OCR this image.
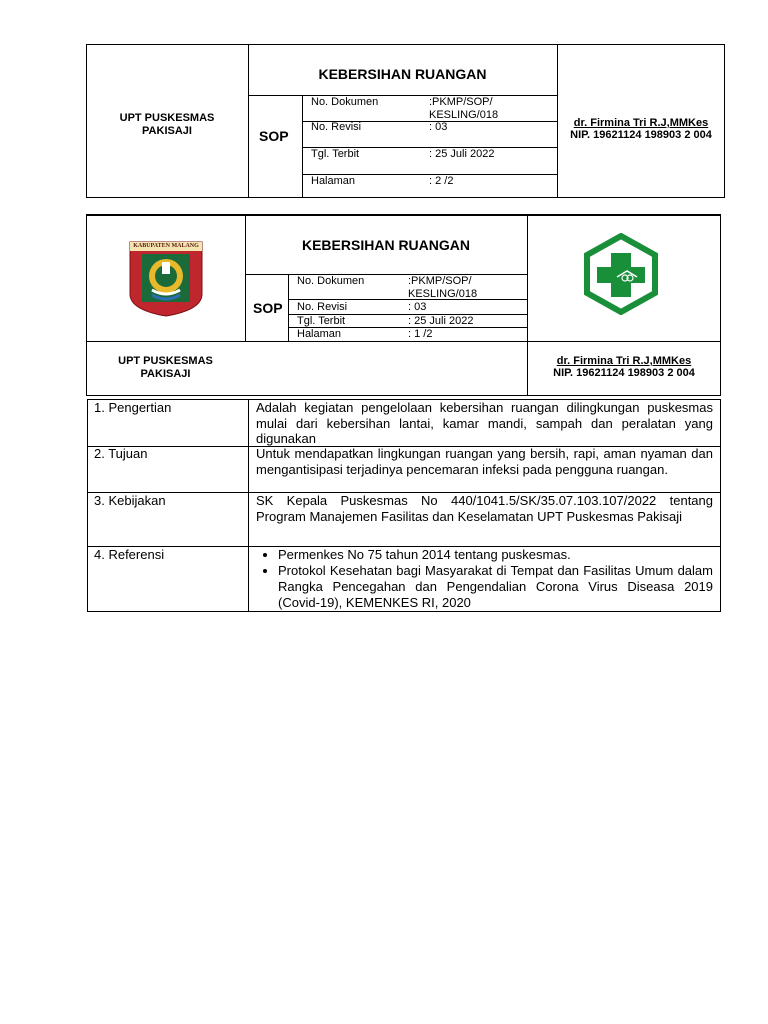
UPT PUSKESMAS
PAKISAJI
KEBERSIHAN RUANGAN
SOP
No. Dokumen	:PKMP/SOP/
KESLING/018
No. Revisi	: 03
Tgl. Terbit	: 25 Juli 2022
Halaman	: 2 /2
dr. Firmina Tri R.J,MMKes
NIP. 19621124 198903 2 004
KABUPATEN MALANG	KEBERSIHAN RUANGAN
SOP
No. Dokumen	:PKMP/SOP/
KESLING/018
No. Revisi	: 03
Tgl. Terbit	: 25 Juli 2022
Halaman	: 1 /2
UPT PUSKESMAS
PAKISAJI
dr. Firmina Tri R.J,MMKes
NIP. 19621124 198903 2 004
1. Pengertian	Adalah kegiatan pengelolaan kebersihan ruangan dilingkungan puskesmas mulai dari kebersihan lantai, kamar mandi, sampah dan peralatan yang digunakan
2. Tujuan	Untuk mendapatkan lingkungan ruangan yang bersih, rapi, aman nyaman dan mengantisipasi terjadinya pencemaran infeksi pada pengguna ruangan.
3. Kebijakan	SK Kepala Puskesmas No 440/1041.5/SK/35.07.103.107/2022 tentang Program Manajemen Fasilitas dan Keselamatan UPT Puskesmas Pakisaji
4. Referensi
•	Permenkes No 75 tahun 2014 tentang puskesmas.
• Protokol Kesehatan bagi Masyarakat di Tempat dan Fasilitas Umum dalam Rangka Pencegahan dan Pengendalian Corona Virus Diseasa 2019 (Covid-19), KEMENKES RI, 2020
